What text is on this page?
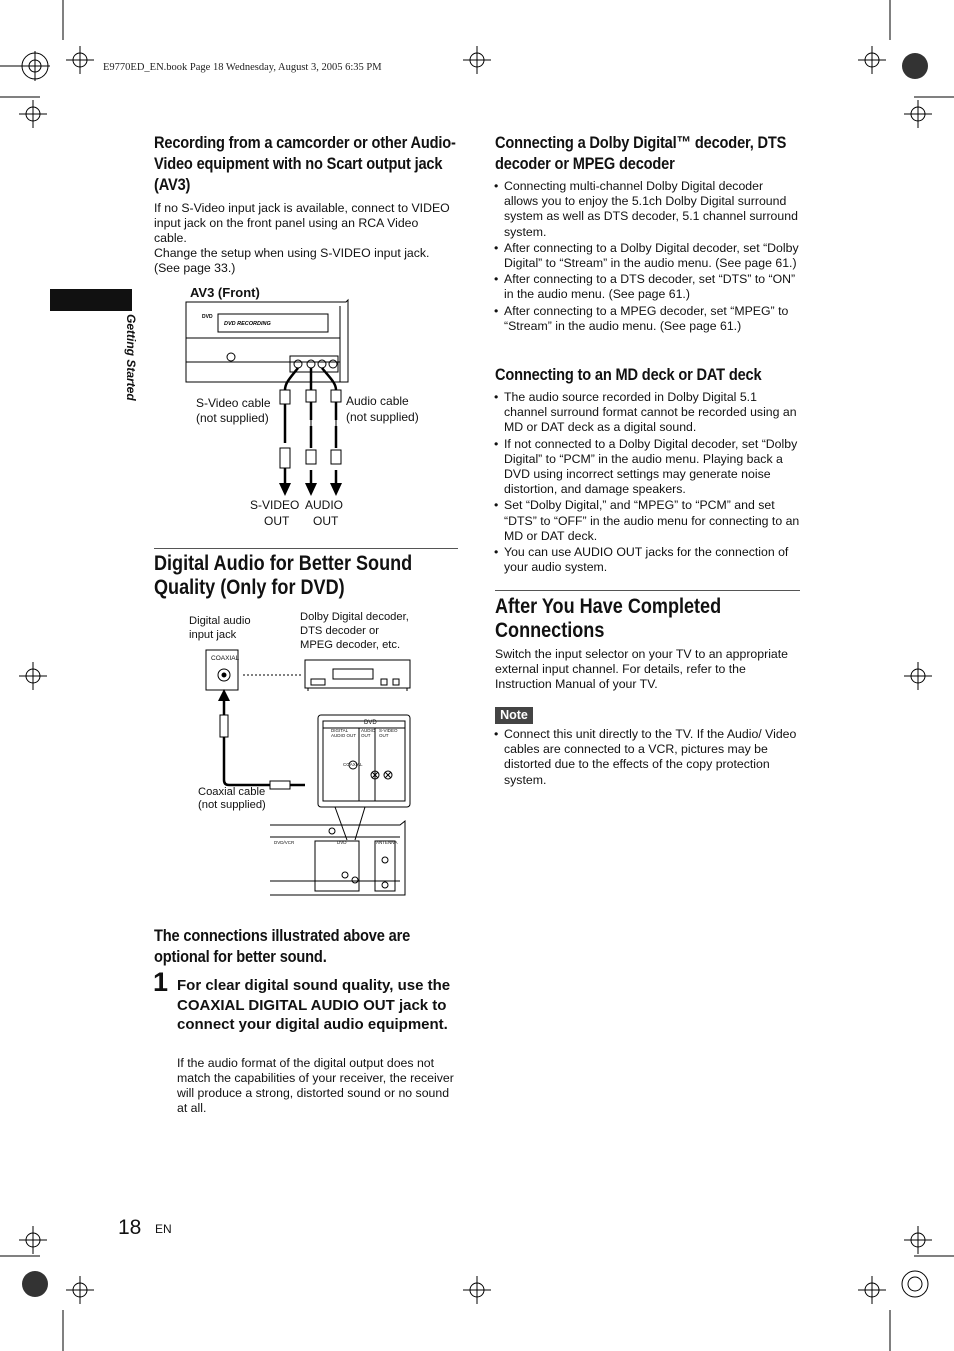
E9770ED_EN.book Page 18 Wednesday, August 3, 2005 6:35 PM
Getting Started
Recording from a camcorder or other Audio-Video equipment with no Scart output jack (AV3)

If no S-Video input jack is available, connect to VIDEO input jack on the front panel using an RCA Video cable.

Change the setup when using S-VIDEO input jack. (See page 33.)

AV3 (Front)
DVD
DVD RECORDING
S-Video cable
(not supplied)
Audio cable
(not supplied)
S-VIDEO
OUT
AUDIO
OUT
Digital Audio for Better Sound Quality (Only for DVD)
Digital audio
input jack
Dolby Digital decoder,
DTS decoder or
MPEG decoder, etc.
COAXIAL
DVD
DIGITAL
AUDIO OUT
AUDIO
OUT
S-VIDEO
OUT
COAXIAL
DVD/VCR	DVD	ANTENNA
Coaxial cable
(not supplied)
The connections illustrated above are optional for better sound.
1 For clear digital sound quality, use the COAXIAL DIGITAL AUDIO OUT jack to connect your digital audio equipment.

If the audio format of the digital output does not match the capabilities of your receiver, the receiver will produce a strong, distorted sound or no sound at all.

Connecting a Dolby Digital™ decoder, DTS decoder or MPEG decoder
• Connecting multi-channel Dolby Digital decoder allows you to enjoy the 5.1ch Dolby Digital surround system as well as DTS decoder, 5.1 channel surround system.
• After connecting to a Dolby Digital decoder, set “Dolby Digital” to “Stream” in the audio menu. (See page 61.)
• After connecting to a DTS decoder, set “DTS” to “ON” in the audio menu. (See page 61.)
• After connecting to a MPEG decoder, set “MPEG” to “Stream” in the audio menu. (See page 61.)
Connecting to an MD deck or DAT deck
• The audio source recorded in Dolby Digital 5.1 channel surround format cannot be recorded using an MD or DAT deck as a digital sound.
• If not connected to a Dolby Digital decoder, set “Dolby Digital” to “PCM” in the audio menu. Playing back a DVD using incorrect settings may generate noise distortion, and damage speakers.
• Set “Dolby Digital,” and “MPEG” to “PCM” and set “DTS” to “OFF” in the audio menu for connecting to an MD or DAT deck.
• You can use AUDIO OUT jacks for the connection of your audio system.
After You Have Completed Connections

Switch the input selector on your TV to an appropriate external input channel. For details, refer to the Instruction Manual of your TV.

Note
• Connect this unit directly to the TV. If the Audio/ Video cables are connected to a VCR, pictures may be distorted due to the effects of the copy protection system.
18 EN
